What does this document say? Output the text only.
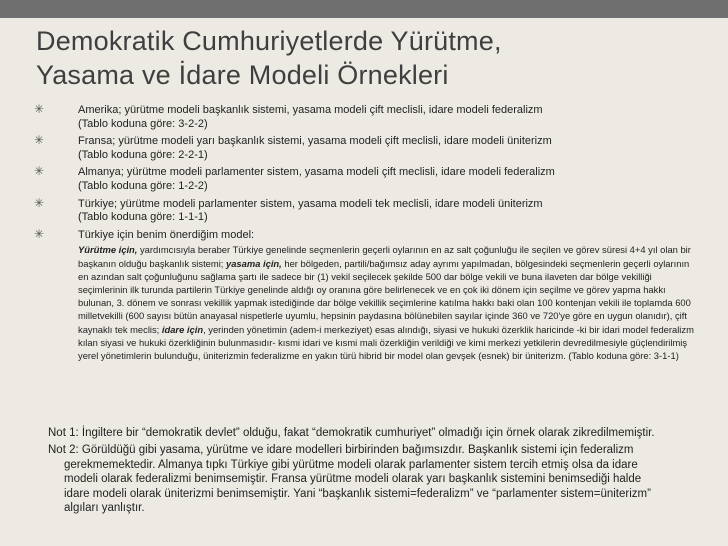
Demokratik Cumhuriyetlerde Yürütme,
Yasama ve İdare Modeli Örnekleri
✳	Amerika; yürütme modeli başkanlık sistemi, yasama modeli çift meclisli, idare modeli federalizm
(Tablo koduna göre: 3-2-2)
✳	Fransa; yürütme modeli yarı başkanlık sistemi, yasama modeli çift meclisli, idare modeli üniterizm
(Tablo koduna göre: 2-2-1)
✳	Almanya; yürütme modeli parlamenter sistem, yasama modeli çift meclisli, idare modeli federalizm
(Tablo koduna göre: 1-2-2)
✳	Türkiye; yürütme modeli parlamenter sistem, yasama modeli tek meclisli, idare modeli üniterizm
(Tablo koduna göre: 1-1-1)
✳	Türkiye için benim önerdiğim model:
Yürütme için, yardımcısıyla beraber Türkiye genelinde seçmenlerin geçerli oylarının en az salt çoğunluğu ile seçilen ve görev süresi 4+4 yıl olan bir başkanın olduğu başkanlık sistemi; yasama için, her bölgeden, partili/bağımsız aday ayrımı yapılmadan, bölgesindeki seçmenlerin geçerli oylarının en azından salt çoğunluğunu sağlama şartı ile sadece bir (1) vekil seçilecek şekilde 500 dar bölge vekili ve buna ilaveten dar bölge vekilliği seçimlerinin ilk turunda partilerin Türkiye genelinde aldığı oy oranına göre belirlenecek ve en çok iki dönem için seçilme ve görev yapma hakkı bulunan, 3. dönem ve sonrası vekillik yapmak istediğinde dar bölge vekillik seçimlerine katılma hakkı baki olan 100 kontenjan vekili ile toplamda 600 milletvekilli (600 sayısı bütün anayasal nispetlerle uyumlu, hepsinin paydasına bölünebilen sayılar içinde 360 ve 720'ye göre en uygun olanıdır), çift kaynaklı tek meclis; idare için, yerinden yönetimin (adem-i merkeziyet) esas alındığı, siyasi ve hukuki özerklik haricinde -ki bir idari model federalizm kılan siyasi ve hukuki özerkliğinin bulunmasıdır- kısmi idari ve kısmi mali özerkliğin verildiği ve kimi merkezi yetkilerin devredilmesiyle güçlendirilmiş yerel yönetimlerin bulunduğu, üniterizmin federalizme en yakın türü hibrid bir model olan gevşek (esnek) bir üniterizm. (Tablo koduna göre: 3-1-1)
Not 1: İngiltere bir “demokratik devlet” olduğu, fakat “demokratik cumhuriyet” olmadığı için örnek olarak zikredilmemiştir.
Not 2: Görüldüğü gibi yasama, yürütme ve idare modelleri birbirinden bağımsızdır. Başkanlık sistemi için federalizm gerekmemektedir. Almanya tıpkı Türkiye gibi yürütme modeli olarak parlamenter sistem tercih etmiş olsa da idare modeli olarak federalizmi benimsemiştir. Fransa yürütme modeli olarak yarı başkanlık sistemini benimsediği halde idare modeli olarak üniterizmi benimsemiştir. Yani “başkanlık sistemi=federalizm” ve “parlamenter sistem=üniterizm” algıları yanlıştır.
